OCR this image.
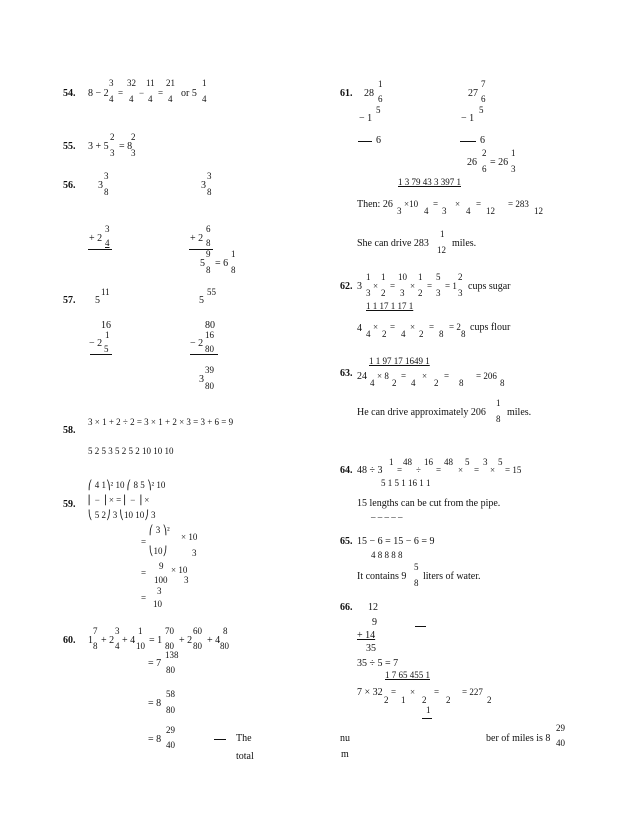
54. 8 − 2
3
4
=
32
4
−
11
4
=
21
4 or 5
1
4
55. 3 + 5
2
3
= 8
2
3
56. 3
3
8
3
3
8
+ 2
3
4	+ 2
6
8
5
9
8
= 6
1
8
57. 5
11
5
55
16
− 2
1
5
80
− 2
16
80
3
39
80
58.
3 × 1 + 2 ÷ 2 = 3 × 1 + 2 × 3 = 3 + 6 = 9
5 2 5 3 5 2 5 2 10 10 10
59.
⎛ 4 1⎞² 10 ⎛ 8 5 ⎞² 10
⎜ − ⎟ × = ⎜ − ⎟ ×
⎝ 5 2⎠ 3 ⎝10 10⎠ 3
⎛ 3 ⎞²
× 10
=
⎝10⎠	3
=
9
100
× 10
3
=
3
10
60. 1
7
8 + 2
3
4 + 4
1
10 = 1
70
80 + 2
60
80 + 4
8
80
= 7
138
80
= 8
58
80
= 8
29
40
The
total
61. 28
1
6	27
7
6
− 1
5
− 1
5
6	6
26
2
6
= 26
1
3
1 3 79 43 3 397 1
Then: 26
3
×10
4
=
3
×
4
=
12
= 283
12
She can drive 283
1
12
miles.
62. 3
1
3
×
1
2
=
10
3
×
1
2
=
5
3
= 1
2
3
cups sugar
1 1 17 1 17 1
4 4
×
2
=
4
×
2
=
8
= 2
8
cups flour
63.
1 1 97 17 1649 1
24
4
× 8
2
=
4
×
2
=
8
= 206
8
He can drive approximately 206
1
8
miles.
64. 48 ÷ 3
1
=
48
÷
16
=
48
×
5
=
3
×
5
= 15
5 1 5 1 16 1 1
15 lengths can be cut from the pipe.
– – – – –
65. 15 − 6 = 15 − 6 = 9
4 8 8 8 8
It contains 9
5
8
liters of water.
66. 12
9
+ 14
35
35 ÷ 5 = 7
1 7 65 455 1
7 × 32
2
=
1
×
2
=
2
= 227
2
1
nu
m
ber of miles is 8
29
40
